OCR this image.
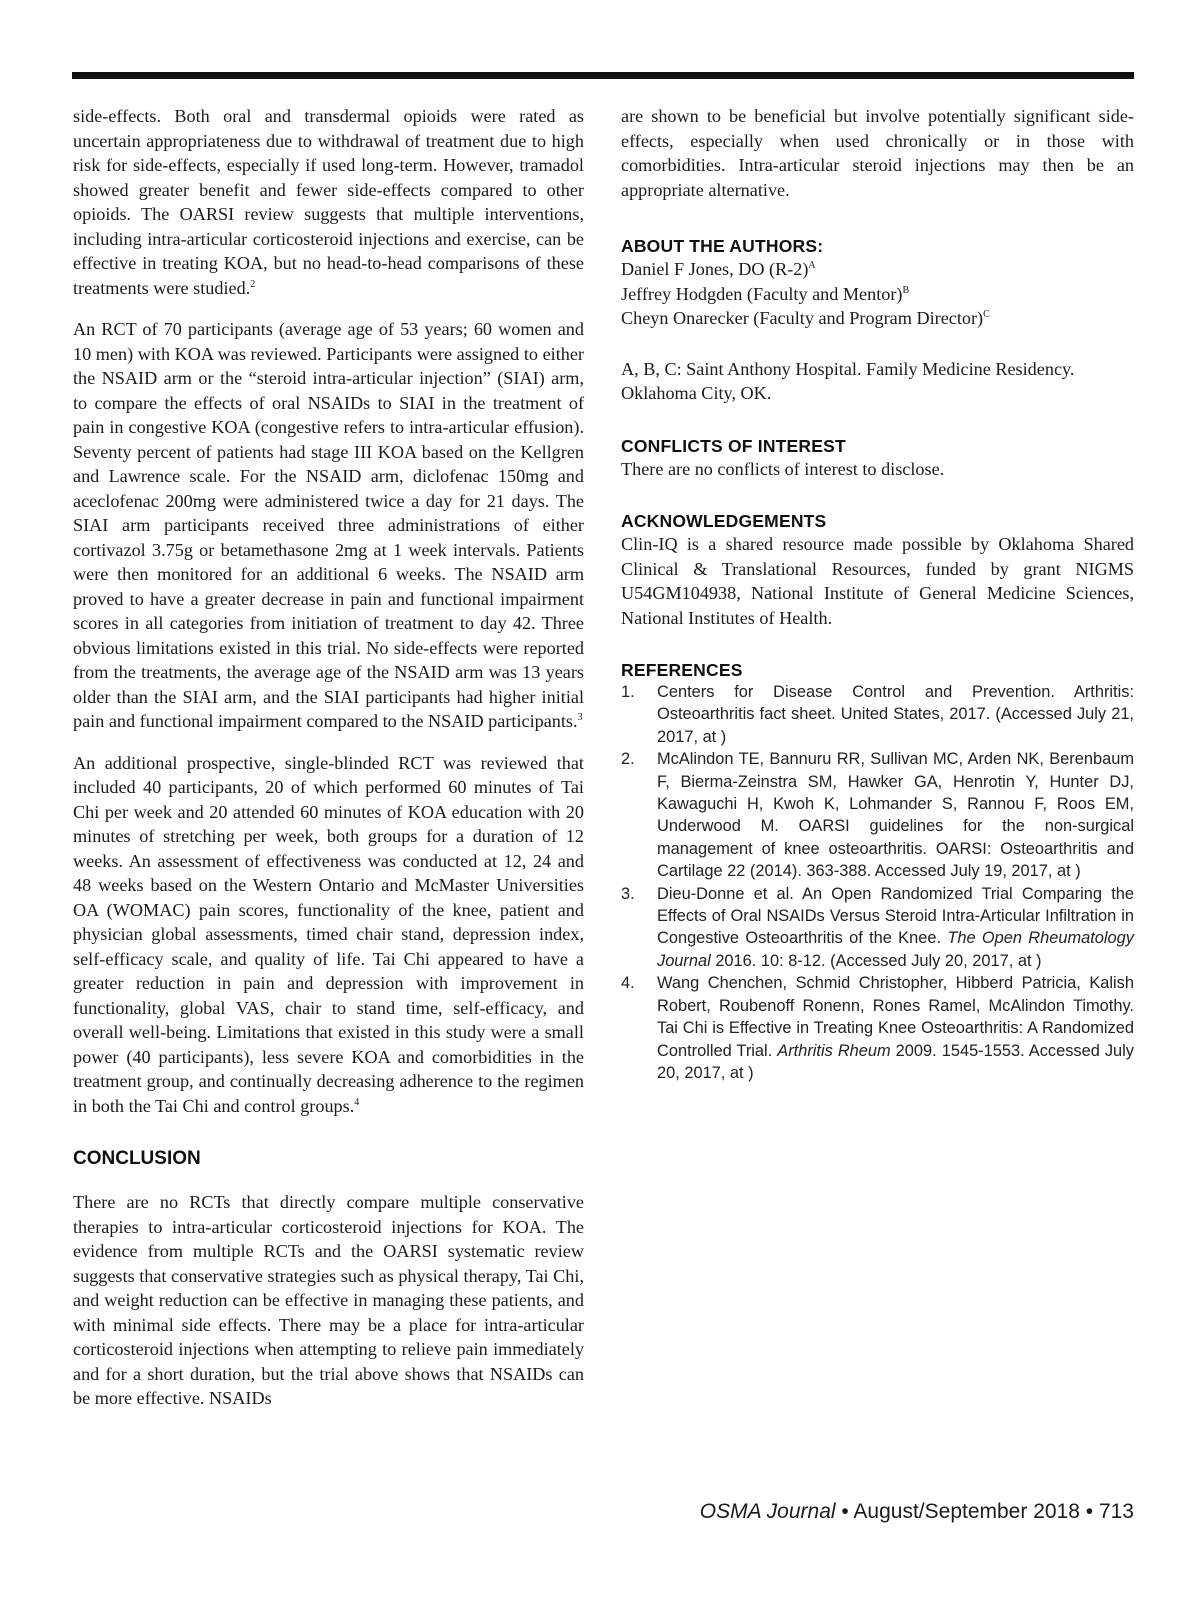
side-effects. Both oral and transdermal opioids were rated as uncertain appropriateness due to withdrawal of treatment due to high risk for side-effects, especially if used long-term. However, tramadol showed greater benefit and fewer side-effects compared to other opioids. The OARSI review suggests that multiple interventions, including intra-articular corticosteroid injections and exercise, can be effective in treating KOA, but no head-to-head comparisons of these treatments were studied.$^2$

An RCT of 70 participants (average age of 53 years; 60 women and 10 men) with KOA was reviewed. Participants were assigned to either the NSAID arm or the “steroid intra-articular injection” (SIAI) arm, to compare the effects of oral NSAIDs to SIAI in the treatment of pain in congestive KOA (congestive refers to intra-articular effusion). Seventy percent of patients had stage III KOA based on the Kellgren and Lawrence scale. For the NSAID arm, diclofenac 150mg and aceclofenac 200mg were administered twice a day for 21 days. The SIAI arm participants received three administrations of either cortivazol 3.75g or betamethasone 2mg at 1 week intervals. Patients were then monitored for an additional 6 weeks. The NSAID arm proved to have a greater decrease in pain and functional impairment scores in all categories from initiation of treatment to day 42. Three obvious limitations existed in this trial. No side-effects were reported from the treatments, the average age of the NSAID arm was 13 years older than the SIAI arm, and the SIAI participants had higher initial pain and functional impairment compared to the NSAID participants.$^3$

An additional prospective, single-blinded RCT was reviewed that included 40 participants, 20 of which performed 60 minutes of Tai Chi per week and 20 attended 60 minutes of KOA education with 20 minutes of stretching per week, both groups for a duration of 12 weeks. An assessment of effectiveness was conducted at 12, 24 and 48 weeks based on the Western Ontario and McMaster Universities OA (WOMAC) pain scores, functionality of the knee, patient and physician global assessments, timed chair stand, depression index, self-efficacy scale, and quality of life. Tai Chi appeared to have a greater reduction in pain and depression with improvement in functionality, global VAS, chair to stand time, self-efficacy, and overall well-being. Limitations that existed in this study were a small power (40 participants), less severe KOA and comorbidities in the treatment group, and continually decreasing adherence to the regimen in both the Tai Chi and control groups.$^4$

CONCLUSION

There are no RCTs that directly compare multiple conservative therapies to intra-articular corticosteroid injections for KOA. The evidence from multiple RCTs and the OARSI systematic review suggests that conservative strategies such as physical therapy, Tai Chi, and weight reduction can be effective in managing these patients, and with minimal side effects. There may be a place for intra-articular corticosteroid injections when attempting to relieve pain immediately and for a short duration, but the trial above shows that NSAIDs can be more effective. NSAIDs

are shown to be beneficial but involve potentially significant side-effects, especially when used chronically or in those with comorbidities. Intra-articular steroid injections may then be an appropriate alternative.

ABOUT THE AUTHORS:

Daniel F Jones, DO $(R-2)^A$

Jeffrey Hodgden (Faculty and Mentor)$^B$

Cheyn Onarecker (Faculty and Program Director)$^C$

A, B, C: Saint Anthony Hospital. Family Medicine Residency. Oklahoma City, OK.

CONFLICTS OF INTEREST

There are no conflicts of interest to disclose.

ACKNOWLEDGEMENTS

Clin-IQ is a shared resource made possible by Oklahoma Shared Clinical & Translational Resources, funded by grant NIGMS U54GM104938, National Institute of General Medicine Sciences, National Institutes of Health.

REFERENCES
1.	Centers for Disease Control and Prevention. Arthritis: Osteoarthritis fact sheet. United States, 2017. (Accessed July 21, 2017, at )
2.	McAlindon TE, Bannuru RR, Sullivan MC, Arden NK, Berenbaum F, Bierma-Zeinstra SM, Hawker GA, Henrotin Y, Hunter DJ, Kawaguchi H, Kwoh K, Lohmander S, Rannou F, Roos EM, Underwood M. OARSI guidelines for the non-surgical management of knee osteoarthritis. OARSI: Osteoarthritis and Cartilage 22 (2014). 363-388. Accessed July 19, 2017, at )
3.	Dieu-Donne et al. An Open Randomized Trial Comparing the Effects of Oral NSAIDs Versus Steroid Intra-Articular Infiltration in Congestive Osteoarthritis of the Knee. The Open Rheumatology Journal 2016. 10: 8-12. (Accessed July 20, 2017, at )
4.	Wang Chenchen, Schmid Christopher, Hibberd Patricia, Kalish Robert, Roubenoff Ronenn, Rones Ramel, McAlindon Timothy. Tai Chi is Effective in Treating Knee Osteoarthritis: A Randomized Controlled Trial. Arthritis Rheum 2009. 1545-1553. Accessed July 20, 2017, at )
OSMA Journal • August/September 2018 • 713
